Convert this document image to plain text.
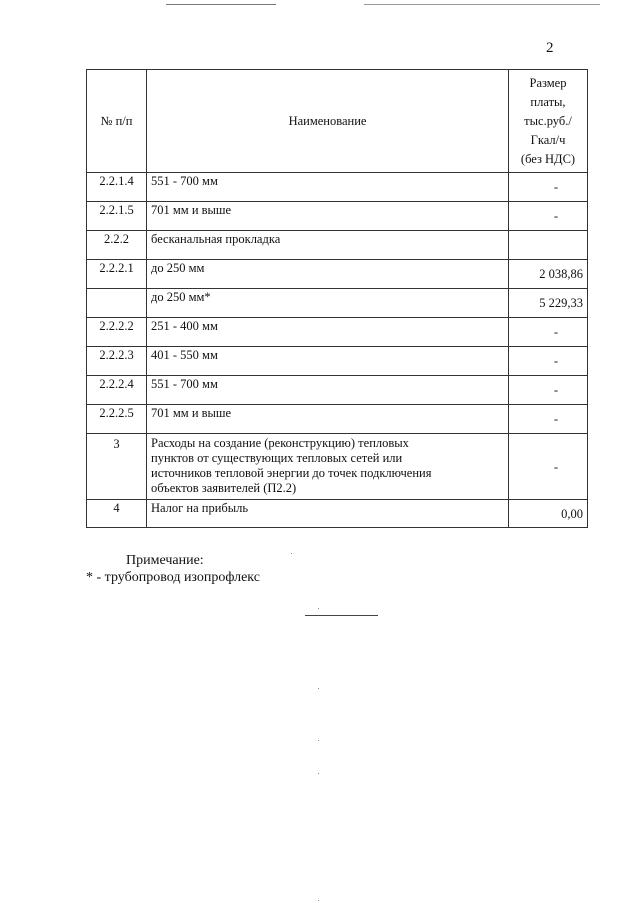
2
№ п/п	Наименование	Размер
платы,
тыс.руб./
Гкал/ч
(без НДС)
2.2.1.4	551 - 700 мм	-
2.2.1.5	701 мм и выше	-
2.2.2	бесканальная прокладка	
2.2.2.1	до 250 мм	2 038,86
	до 250 мм*	5 229,33
2.2.2.2	251 - 400 мм	-
2.2.2.3	401 - 550 мм	-
2.2.2.4	551 - 700 мм	-
2.2.2.5	701 мм и выше	-
3	Расходы на создание (реконструкцию) тепловых
пунктов от существующих тепловых сетей или
источников тепловой энергии до точек подключения
объектов заявителей (П2.2)	-
4	Налог на прибыль	0,00
Примечание:
* - трубопровод изопрофлекс
